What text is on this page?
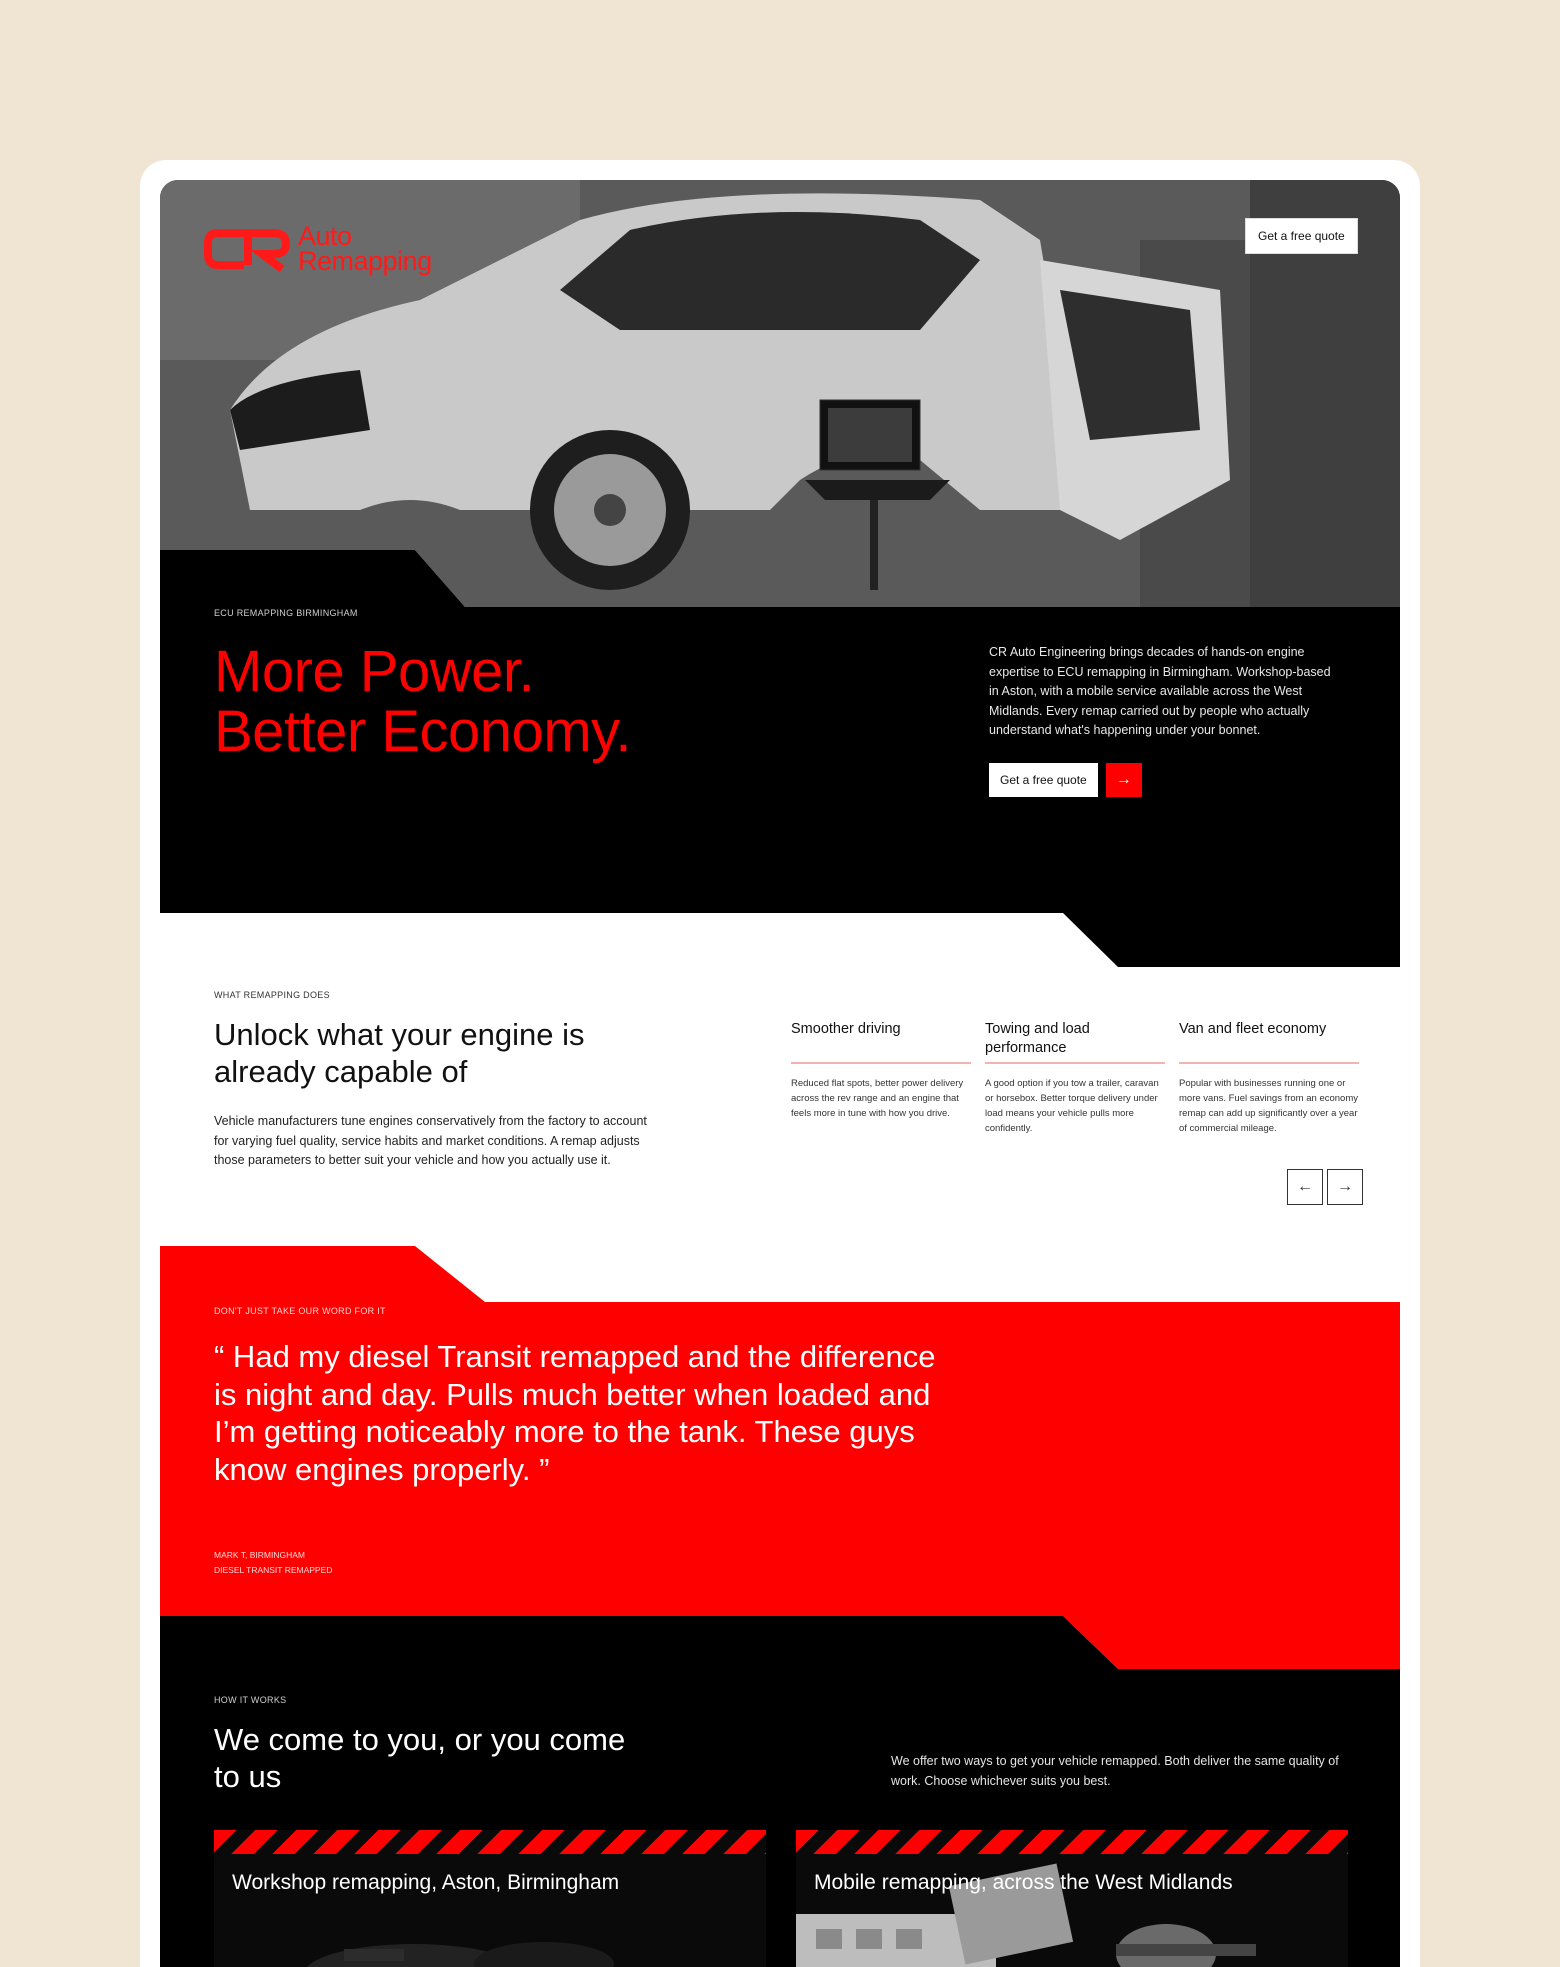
Auto
Remapping
Get a free quote
ECU REMAPPING BIRMINGHAM
More Power.
Better Economy.

CR Auto Engineering brings decades of hands-on engine expertise to ECU remapping in Birmingham. Workshop-based in Aston, with a mobile service available across the West Midlands. Every remap carried out by people who actually understand what's happening under your bonnet.

Get a free quote	→
WHAT REMAPPING DOES
Unlock what your engine is already capable of

Vehicle manufacturers tune engines conservatively from the factory to account for varying fuel quality, service habits and market conditions. A remap adjusts those parameters to better suit your vehicle and how you actually use it.

Smoother driving

Reduced flat spots, better power delivery across the rev range and an engine that feels more in tune with how you drive.

Towing and load performance

A good option if you tow a trailer, caravan or horsebox. Better torque delivery under load means your vehicle pulls more confidently.

Van and fleet economy

Popular with businesses running one or more vans. Fuel savings from an economy remap can add up significantly over a year of commercial mileage.

← →
DON'T JUST TAKE OUR WORD FOR IT
“ Had my diesel Transit remapped and the difference is night and day. Pulls much better when loaded and I’m getting noticeably more to the tank. These guys know engines properly. ”
MARK T, BIRMINGHAM
DIESEL TRANSIT REMAPPED
HOW IT WORKS
We come to you, or you come to us	We offer two ways to get your vehicle remapped. Both deliver the same quality of work. Choose whichever suits you best.

Workshop remapping, Aston, Birmingham	Mobile remapping, across the West Midlands
